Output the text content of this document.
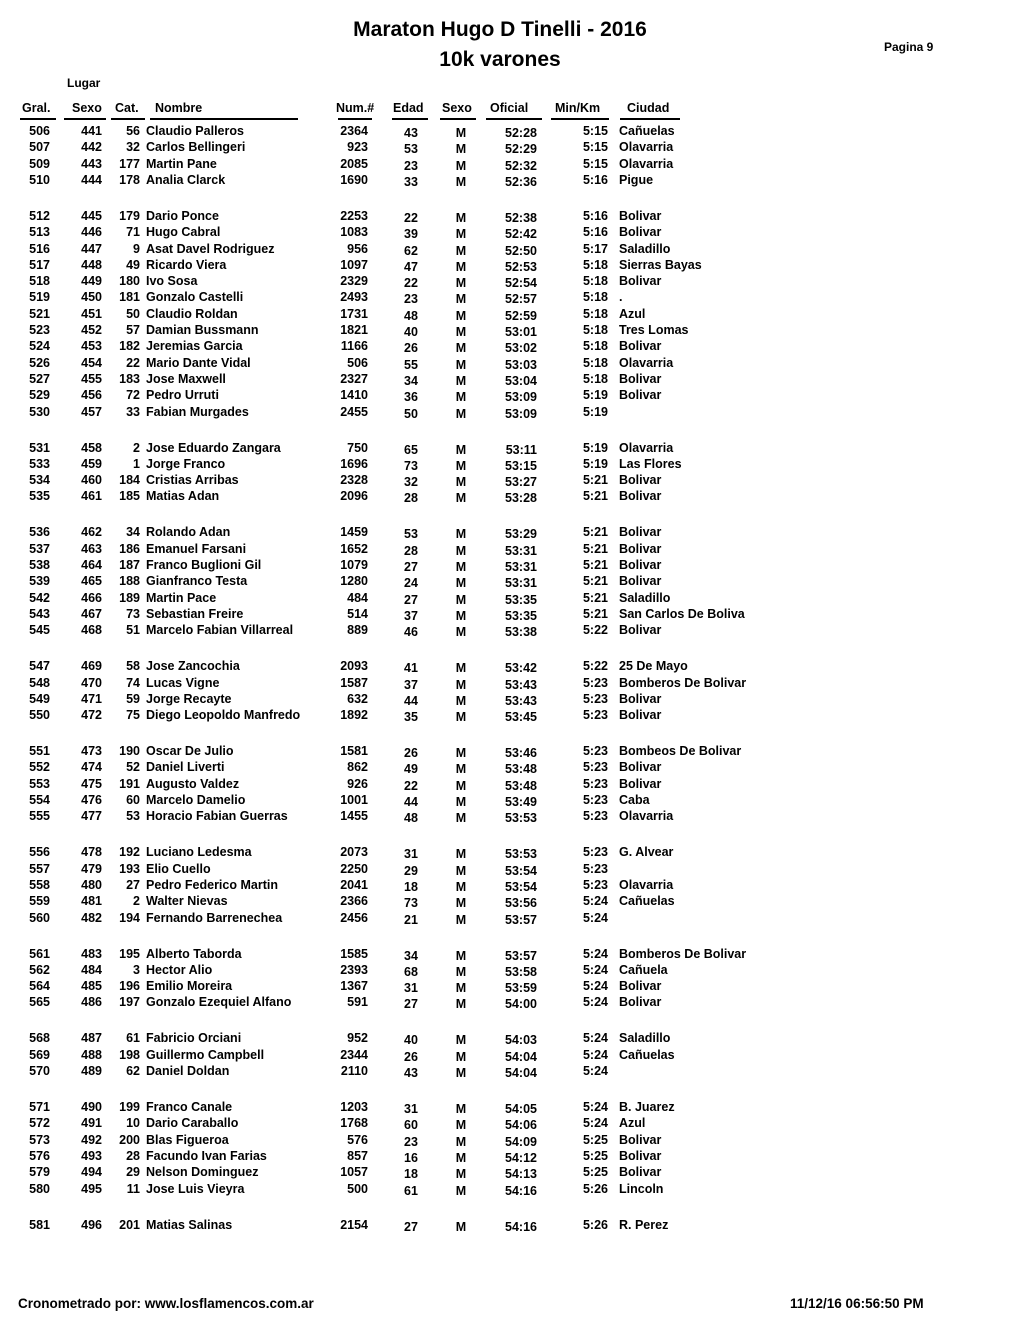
Maraton Hugo D Tinelli - 2016
10k varones
Pagina 9
Lugar
Gral. Sexo Cat. Nombre	Num.# Edad Sexo Oficial Min/Km Ciudad
506	441	56 Claudio Palleros	2364	43	M	52:28	5:15 Cañuelas
507	442	32 Carlos Bellingeri	923	53	M	52:29	5:15 Olavarria
509	443	177 Martin Pane	2085	23	M	52:32	5:15 Olavarria
510	444	178 Analia Clarck	1690	33	M	52:36	5:16 Pigue
512	445	179 Dario Ponce	2253	22	M	52:38	5:16 Bolivar
513	446	71 Hugo Cabral	1083	39	M	52:42	5:16 Bolivar
516	447	9 Asat Davel Rodriguez	956	62	M	52:50	5:17 Saladillo
517	448	49 Ricardo Viera	1097	47	M	52:53	5:18 Sierras Bayas
518	449	180 Ivo Sosa	2329	22	M	52:54	5:18 Bolivar
519	450	181 Gonzalo Castelli	2493	23	M	52:57	5:18 .
521	451	50 Claudio Roldan	1731	48	M	52:59	5:18 Azul
523	452	57 Damian Bussmann	1821	40	M	53:01	5:18 Tres Lomas
524	453	182 Jeremias Garcia	1166	26	M	53:02	5:18 Bolivar
526	454	22 Mario Dante Vidal	506	55	M	53:03	5:18 Olavarria
527	455	183 Jose Maxwell	2327	34	M	53:04	5:18 Bolivar
529	456	72 Pedro Urruti	1410	36	M	53:09	5:19 Bolivar
530	457	33 Fabian Murgades	2455	50	M	53:09	5:19
531	458	2 Jose Eduardo Zangara	750	65	M	53:11	5:19 Olavarria
533	459	1 Jorge Franco	1696	73	M	53:15	5:19 Las Flores
534	460	184 Cristias Arribas	2328	32	M	53:27	5:21 Bolivar
535	461	185 Matias Adan	2096	28	M	53:28	5:21 Bolivar
536	462	34 Rolando Adan	1459	53	M	53:29	5:21 Bolivar
537	463	186 Emanuel Farsani	1652	28	M	53:31	5:21 Bolivar
538	464	187 Franco Buglioni Gil	1079	27	M	53:31	5:21 Bolivar
539	465	188 Gianfranco Testa	1280	24	M	53:31	5:21 Bolivar
542	466	189 Martin Pace	484	27	M	53:35	5:21 Saladillo
543	467	73 Sebastian Freire	514	37	M	53:35	5:21 San Carlos De Boliva
545	468	51 Marcelo Fabian Villarreal	889	46	M	53:38	5:22 Bolivar
547	469	58 Jose Zancochia	2093	41	M	53:42	5:22 25 De Mayo
548	470	74 Lucas Vigne	1587	37	M	53:43	5:23 Bomberos De Bolivar
549	471	59 Jorge Recayte	632	44	M	53:43	5:23 Bolivar
550	472	75 Diego Leopoldo Manfredo	1892	35	M	53:45	5:23 Bolivar
551	473	190 Oscar De Julio	1581	26	M	53:46	5:23 Bombeos De Bolivar
552	474	52 Daniel Liverti	862	49	M	53:48	5:23 Bolivar
553	475	191 Augusto Valdez	926	22	M	53:48	5:23 Bolivar
554	476	60 Marcelo Damelio	1001	44	M	53:49	5:23 Caba
555	477	53 Horacio Fabian Guerras	1455	48	M	53:53	5:23 Olavarria
556	478	192 Luciano Ledesma	2073	31	M	53:53	5:23 G. Alvear
557	479	193 Elio Cuello	2250	29	M	53:54	5:23
558	480	27 Pedro Federico Martin	2041	18	M	53:54	5:23 Olavarria
559	481	2 Walter Nievas	2366	73	M	53:56	5:24 Cañuelas
560	482	194 Fernando Barrenechea	2456	21	M	53:57	5:24
561	483	195 Alberto Taborda	1585	34	M	53:57	5:24 Bomberos De Bolivar
562	484	3 Hector Alio	2393	68	M	53:58	5:24 Cañuela
564	485	196 Emilio Moreira	1367	31	M	53:59	5:24 Bolivar
565	486	197 Gonzalo Ezequiel Alfano	591	27	M	54:00	5:24 Bolivar
568	487	61 Fabricio Orciani	952	40	M	54:03	5:24 Saladillo
569	488	198 Guillermo Campbell	2344	26	M	54:04	5:24 Cañuelas
570	489	62 Daniel Doldan	2110	43	M	54:04	5:24
571	490	199 Franco Canale	1203	31	M	54:05	5:24 B. Juarez
572	491	10 Dario Caraballo	1768	60	M	54:06	5:24 Azul
573	492	200 Blas Figueroa	576	23	M	54:09	5:25 Bolivar
576	493	28 Facundo Ivan Farias	857	16	M	54:12	5:25 Bolivar
579	494	29 Nelson Dominguez	1057	18	M	54:13	5:25 Bolivar
580	495	11 Jose Luis Vieyra	500	61	M	54:16	5:26 Lincoln
581	496	201 Matias Salinas	2154	27	M	54:16	5:26 R. Perez
Cronometrado por: www.losflamencos.com.ar	11/12/16 06:56:50 PM
